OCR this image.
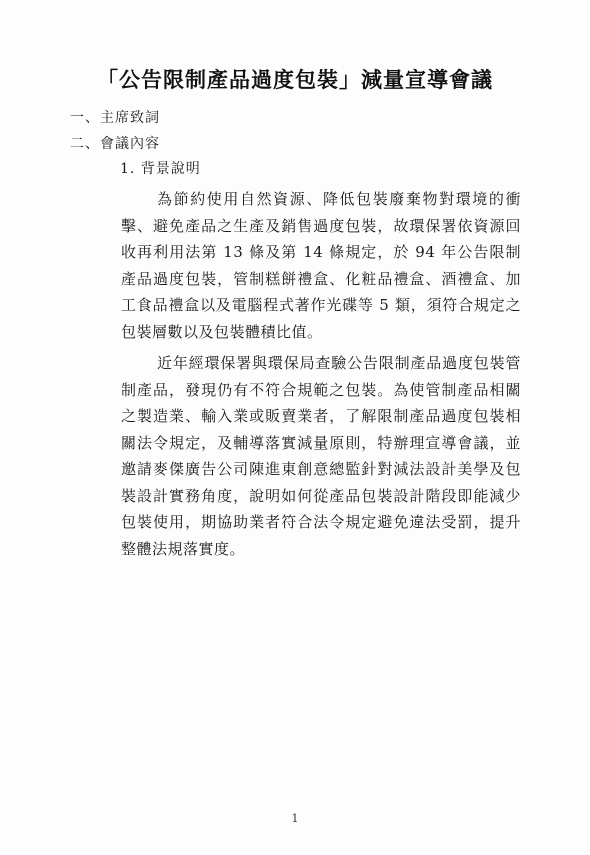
「公告限制產品過度包裝」減量宣導會議
一、主席致詞
二、會議內容
1. 背景說明
為節約使用自然資源、降低包裝廢棄物對環境的衝擊、避免產品之生產及銷售過度包裝，故環保署依資源回收再利用法第 13 條及第 14 條規定，於 94 年公告限制產品過度包裝，管制糕餅禮盒、化粧品禮盒、酒禮盒、加工食品禮盒以及電腦程式著作光碟等 5 類，須符合規定之包裝層數以及包裝體積比值。
近年經環保署與環保局查驗公告限制產品過度包裝管制產品，發現仍有不符合規範之包裝。為使管制產品相關之製造業、輸入業或販賣業者，了解限制產品過度包裝相關法令規定，及輔導落實減量原則，特辦理宣導會議，並邀請麥傑廣告公司陳進東創意總監針對減法設計美學及包裝設計實務角度，說明如何從產品包裝設計階段即能減少包裝使用，期協助業者符合法令規定避免違法受罰，提升整體法規落實度。
1
